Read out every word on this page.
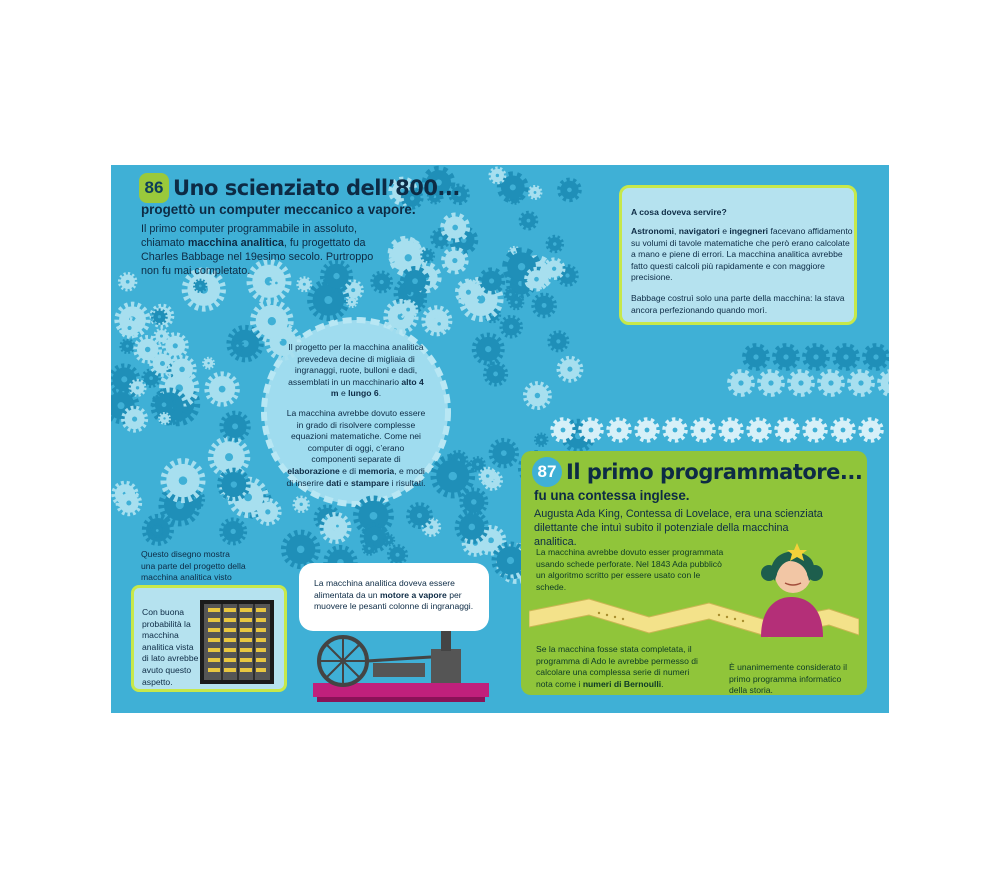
86 Uno scienziato dell’800...
progettò un computer meccanico a vapore.
Il primo computer programmabile in assoluto, chiamato macchina analitica, fu progettato da Charles Babbage nel 19esimo secolo. Purtroppo non fu mai completato.
Il progetto per la macchina analitica prevedeva decine di migliaia di ingranaggi, ruote, bulloni e dadi, assemblati in un macchinario alto 4 m e lungo 6.
La macchina avrebbe dovuto essere in grado di risolvere complesse equazioni matematiche. Come nei computer di oggi, c’erano componenti separate di elaborazione e di memoria, e modi di inserire dati e stampare i risultati.
Questo disegno mostra una parte del progetto della macchina analitica visto
Con buona probabilità la macchina analitica vista di lato avrebbe avuto questo aspetto.
La macchina analitica doveva essere alimentata da un motore a vapore per muovere le pesanti colonne di ingranaggi.
A cosa doveva servire?
Astronomi, navigatori e ingegneri facevano affidamento su volumi di tavole matematiche che però erano calcolate a mano e piene di errori. La macchina analitica avrebbe fatto questi calcoli più rapidamente e con maggiore precisione.
Babbage costruì solo una parte della macchina: la stava ancora perfezionando quando morì.
87 Il primo programmatore...
fu una contessa inglese.
Augusta Ada King, Contessa di Lovelace, era una scienziata dilettante che intuì subito il potenziale della macchina analitica.
La macchina avrebbe dovuto esser programmata usando schede perforate. Nel 1843 Ada pubblicò un algoritmo scritto per essere usato con le schede.
Se la macchina fosse stata completata, il programma di Ado le avrebbe permesso di calcolare una complessa serie di numeri nota come i numeri di Bernoulli.
È unanimemente considerato il primo programma informatico della storia.
